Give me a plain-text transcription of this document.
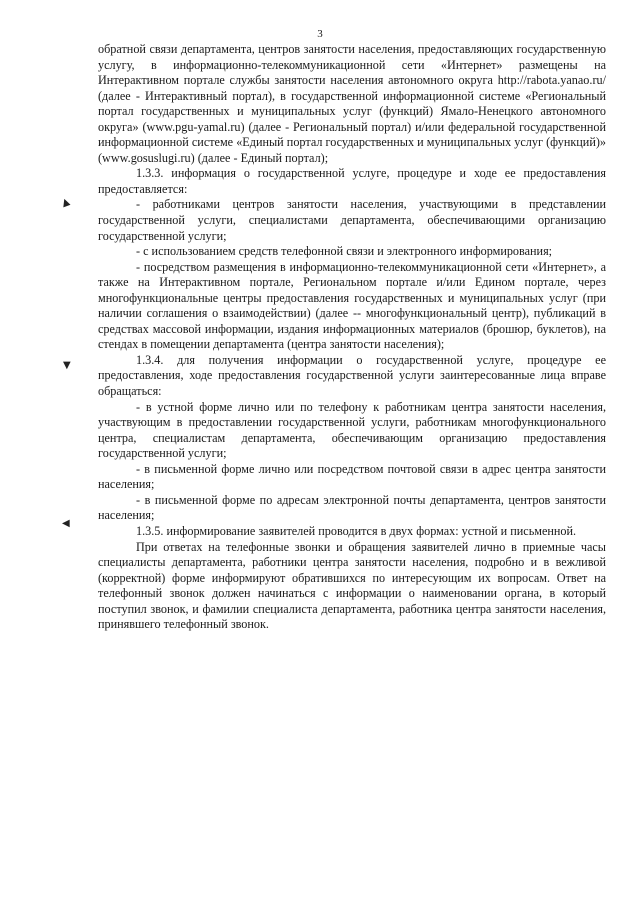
3
▲
▼
◀

обратной связи департамента, центров занятости населения, предоставляющих государственную услугу, в информационно-телекоммуникационной сети «Интернет» размещены на Интерактивном портале службы занятости населения автономного округа http://rabota.yanao.ru/ (далее - Интерактивный портал), в государственной информационной системе «Региональный портал государственных и муниципальных услуг (функций) Ямало-Ненецкого автономного округа» (www.pgu-yamal.ru) (далее - Региональный портал) и/или федеральной государственной информационной системе «Единый портал государственных и муниципальных услуг (функций)» (www.gosuslugi.ru) (далее - Единый портал);

1.3.3. информация о государственной услуге, процедуре и ходе ее предоставления предоставляется:

- работниками центров занятости населения, участвующими в представлении государственной услуги, специалистами департамента, обеспечивающими организацию государственной услуги;

- с использованием средств телефонной связи и электронного информирования;

- посредством размещения в информационно-телекоммуникационной сети «Интернет», а также на Интерактивном портале, Региональном портале и/или Едином портале, через многофункциональные центры предоставления государственных и муниципальных услуг (при наличии соглашения о взаимодействии) (далее -- многофункциональный центр), публикаций в средствах массовой информации, издания информационных материалов (брошюр, буклетов), на стендах в помещении департамента (центра занятости населения);

1.3.4. для получения информации о государственной услуге, процедуре ее предоставления, ходе предоставления государственной услуги заинтересованные лица вправе обращаться:

- в устной форме лично или по телефону к работникам центра занятости населения, участвующим в предоставлении государственной услуги, работникам многофункционального центра, специалистам департамента, обеспечивающим организацию предоставления государственной услуги;

- в письменной форме лично или посредством почтовой связи в адрес центра занятости населения;

- в письменной форме по адресам электронной почты департамента, центров занятости населения;

1.3.5. информирование заявителей проводится в двух формах: устной и письменной.

При ответах на телефонные звонки и обращения заявителей лично в приемные часы специалисты департамента, работники центра занятости населения, подробно и в вежливой (корректной) форме информируют обратившихся по интересующим их вопросам. Ответ на телефонный звонок должен начинаться с информации о наименовании органа, в который поступил звонок, и фамилии специалиста департамента, работника центра занятости населения, принявшего телефонный звонок.
